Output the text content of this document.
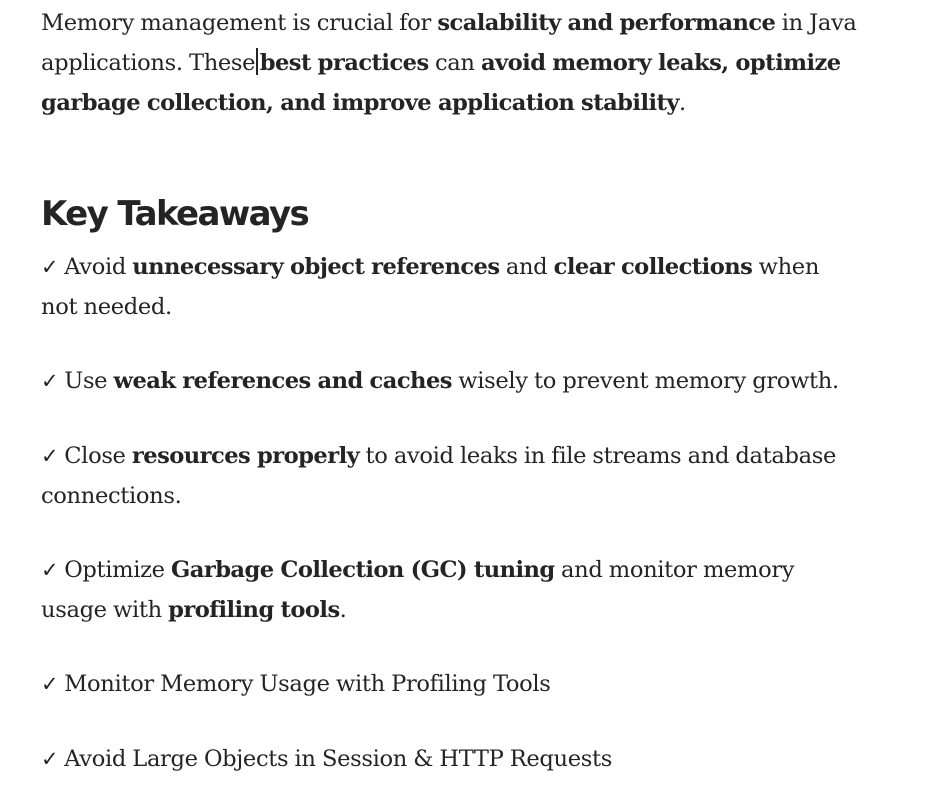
Memory management is crucial for scalability and performance in Java applications. These best practices can avoid memory leaks, optimize garbage collection, and improve application stability.

Key Takeaways

✓ Avoid unnecessary object references and clear collections when not needed.

✓ Use weak references and caches wisely to prevent memory growth.

✓ Close resources properly to avoid leaks in file streams and database connections.

✓ Optimize Garbage Collection (GC) tuning and monitor memory usage with profiling tools.

✓ Monitor Memory Usage with Profiling Tools

✓ Avoid Large Objects in Session & HTTP Requests
